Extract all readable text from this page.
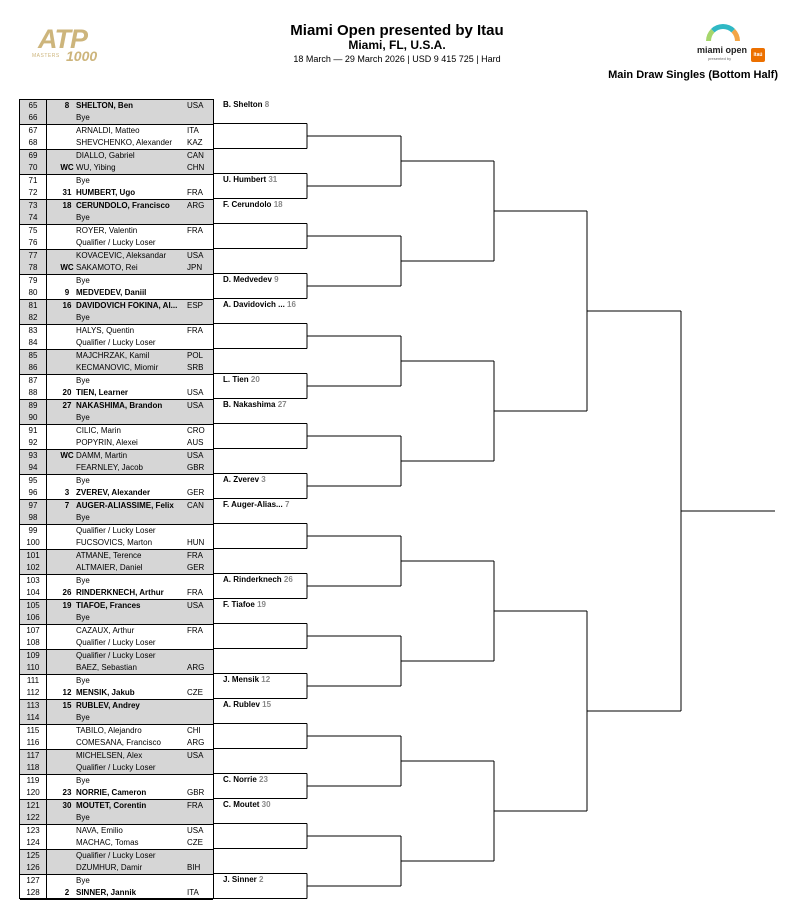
ATP
MASTERS 1000
Miami Open presented by Itau
Miami, FL, U.S.A.
18 March — 29 March 2026 | USD 9 415 725 | Hard
miami open
presented by
itaú
Main Draw Singles (Bottom Half)
65	8 SHELTON, Ben	USA
66	Bye
67	ARNALDI, Matteo	ITA
68	SHEVCHENKO, Alexander	KAZ
69	DIALLO, Gabriel	CAN
70	WC WU, Yibing	CHN
71	Bye
72	31 HUMBERT, Ugo	FRA
73	18 CERUNDOLO, Francisco	ARG
74	Bye
75	ROYER, Valentin	FRA
76	Qualifier / Lucky Loser
77	KOVACEVIC, Aleksandar	USA
78	WC SAKAMOTO, Rei	JPN
79	Bye
80	9 MEDVEDEV, Daniil
81	16 DAVIDOVICH FOKINA, Al...	ESP
82	Bye
83	HALYS, Quentin	FRA
84	Qualifier / Lucky Loser
85	MAJCHRZAK, Kamil	POL
86	KECMANOVIC, Miomir	SRB
87	Bye
88	20 TIEN, Learner	USA
89	27 NAKASHIMA, Brandon	USA
90	Bye
91	CILIC, Marin	CRO
92	POPYRIN, Alexei	AUS
93	WC DAMM, Martin	USA
94	FEARNLEY, Jacob	GBR
95	Bye
96	3 ZVEREV, Alexander	GER
97	7 AUGER-ALIASSIME, Felix	CAN
98	Bye
99	Qualifier / Lucky Loser
100	FUCSOVICS, Marton	HUN
101	ATMANE, Terence	FRA
102	ALTMAIER, Daniel	GER
103	Bye
104	26 RINDERKNECH, Arthur	FRA
105	19 TIAFOE, Frances	USA
106	Bye
107	CAZAUX, Arthur	FRA
108	Qualifier / Lucky Loser
109	Qualifier / Lucky Loser
110	BAEZ, Sebastian	ARG
111	Bye
112	12 MENSIK, Jakub	CZE
113	15 RUBLEV, Andrey
114	Bye
115	TABILO, Alejandro	CHI
116	COMESANA, Francisco	ARG
117	MICHELSEN, Alex	USA
118	Qualifier / Lucky Loser
119	Bye
120	23 NORRIE, Cameron	GBR
121	30 MOUTET, Corentin	FRA
122	Bye
123	NAVA, Emilio	USA
124	MACHAC, Tomas	CZE
125	Qualifier / Lucky Loser
126	DZUMHUR, Damir	BIH
127	Bye
128	2 SINNER, Jannik	ITA
B. Shelton 8
U. Humbert 31
F. Cerundolo 18
D. Medvedev 9
A. Davidovich ... 16
L. Tien 20
B. Nakashima 27
A. Zverev 3
F. Auger-Alias... 7
A. Rinderknech 26
F. Tiafoe 19
J. Mensik 12
A. Rublev 15
C. Norrie 23
C. Moutet 30
J. Sinner 2
